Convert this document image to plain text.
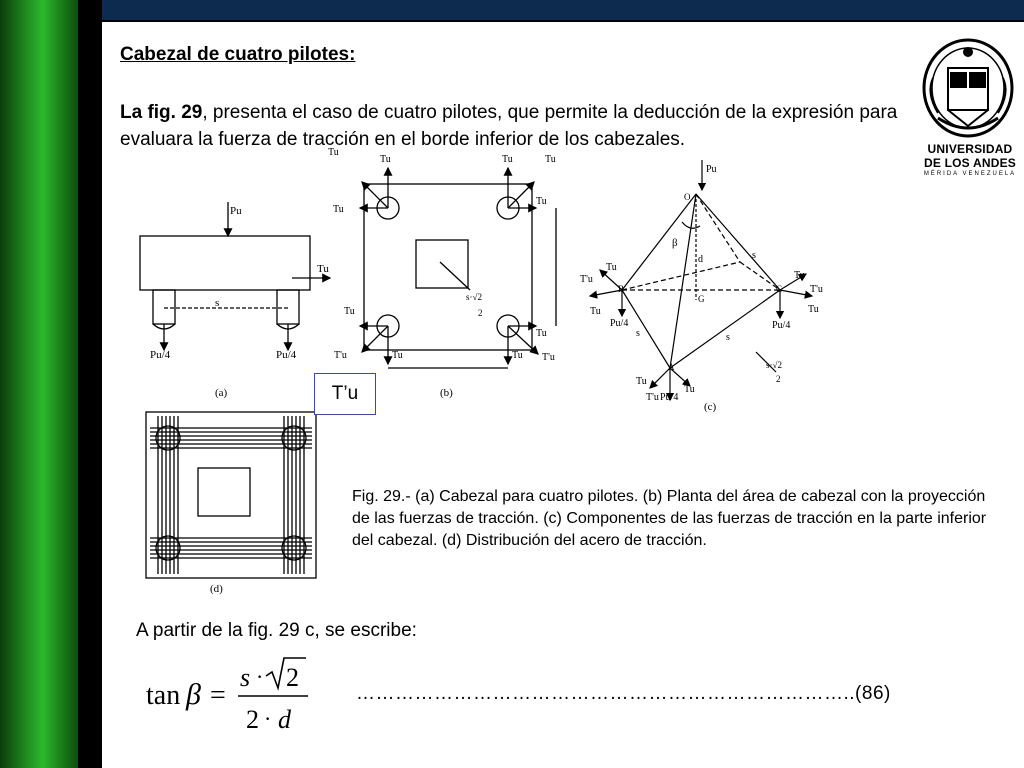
Cabezal de cuatro pilotes:
La fig. 29, presenta el caso de cuatro pilotes, que permite la deducción de la expresión para evaluara la fuerza de tracción en el borde inferior de los cabezales.	UNIVERSIDAD
DE LOS ANDES
MÉRIDA VENEZUELA
Pu
Tu
s
Pu/4	Pu/4
(a)
Tu
Tu	Tu	Tu
Tu
Tu
s·√2
2
Tu
Tu
T'u	Tu	Tu T'u
(b)
Pu
O
β
d	s
B	C
G
A
T'u
Tu
Tu
Pu/4
Tu
T'u
Tu
Pu/4
s	s
Tu
Tu
T'u Pu/4
s·√2
2
(c)
(d)
T’u
Fig. 29.- (a) Cabezal para cuatro pilotes. (b) Planta del área de cabezal con la proyección de las fuerzas de tracción. (c) Componentes de las fuerzas de tracción en la parte inferior del cabezal. (d) Distribución del acero de tracción.
A partir de la fig. 29 c, se escribe:
tan β =
s · 2
2 · d
…………………………………………………………………..(86)
